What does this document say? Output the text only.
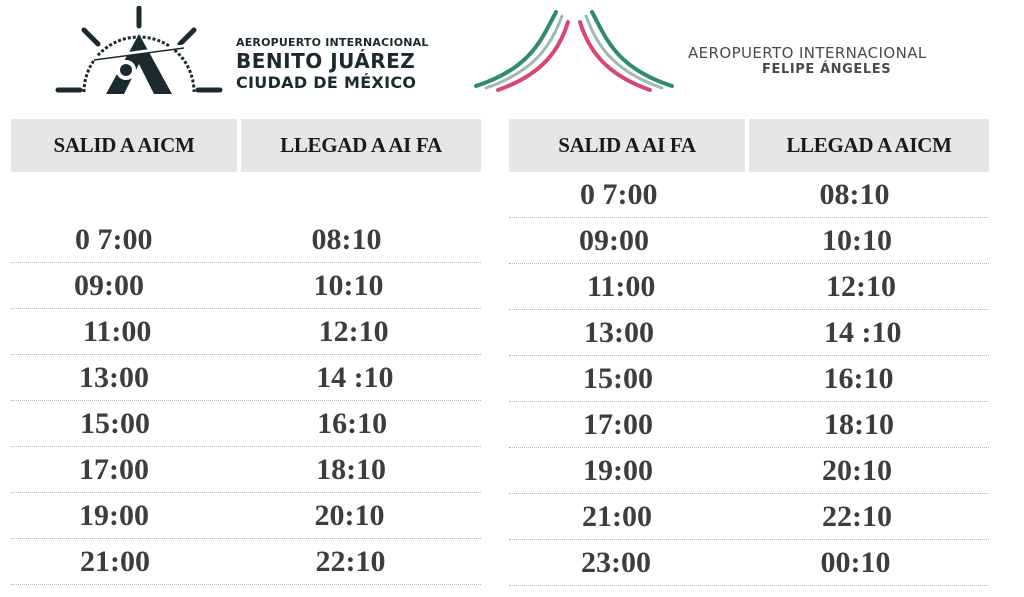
AEROPUERTO INTERNACIONAL
BENITO JUÁREZ
CIUDAD DE MÉXICO
AEROPUERTO INTERNACIONAL
FELIPE ÁNGELES
SALID A AICM	LLEGAD A AI FA
0 7:00	08:10
09:00	10:10
11:00	12:10
13:00	14 :10
15:00	16:10
17:00	18:10
19:00	20:10
21:00	22:10
SALID A AI FA	LLEGAD A AICM
0 7:00	08:10
09:00	10:10
11:00	12:10
13:00	14 :10
15:00	16:10
17:00	18:10
19:00	20:10
21:00	22:10
23:00	00:10
